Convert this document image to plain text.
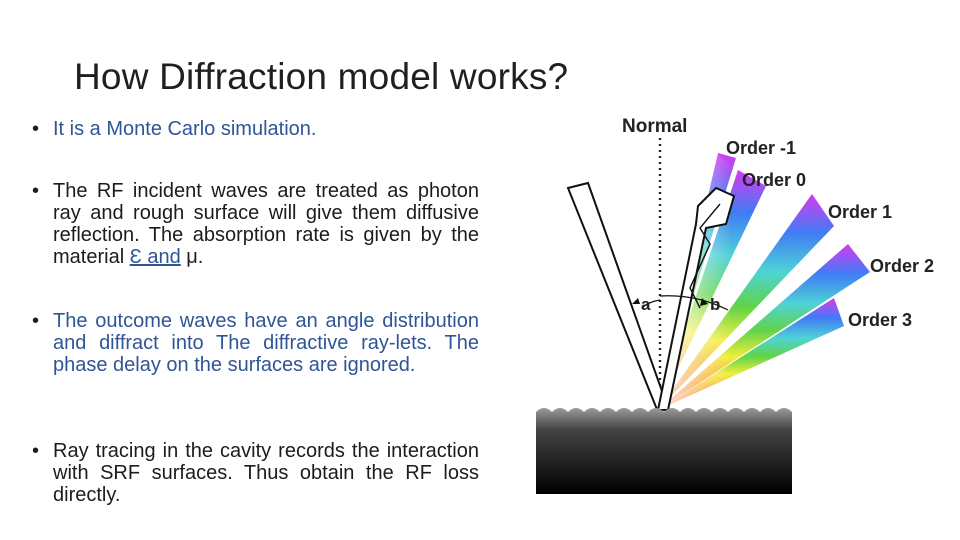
How Diffraction model works?
• It is a Monte Carlo simulation.
• The RF incident waves are treated as photon ray and rough surface will give them diffusive reflection. The absorption rate is given by the material Ɛ and μ.
• The outcome waves have an angle distribution and diffract into The diffractive ray-lets. The phase delay on the surfaces are ignored.
• Ray tracing in the cavity records the interaction with SRF surfaces. Thus obtain the RF loss directly.
Normal
Order -1
Order 0
Order 1
Order 2
Order 3
a	b
